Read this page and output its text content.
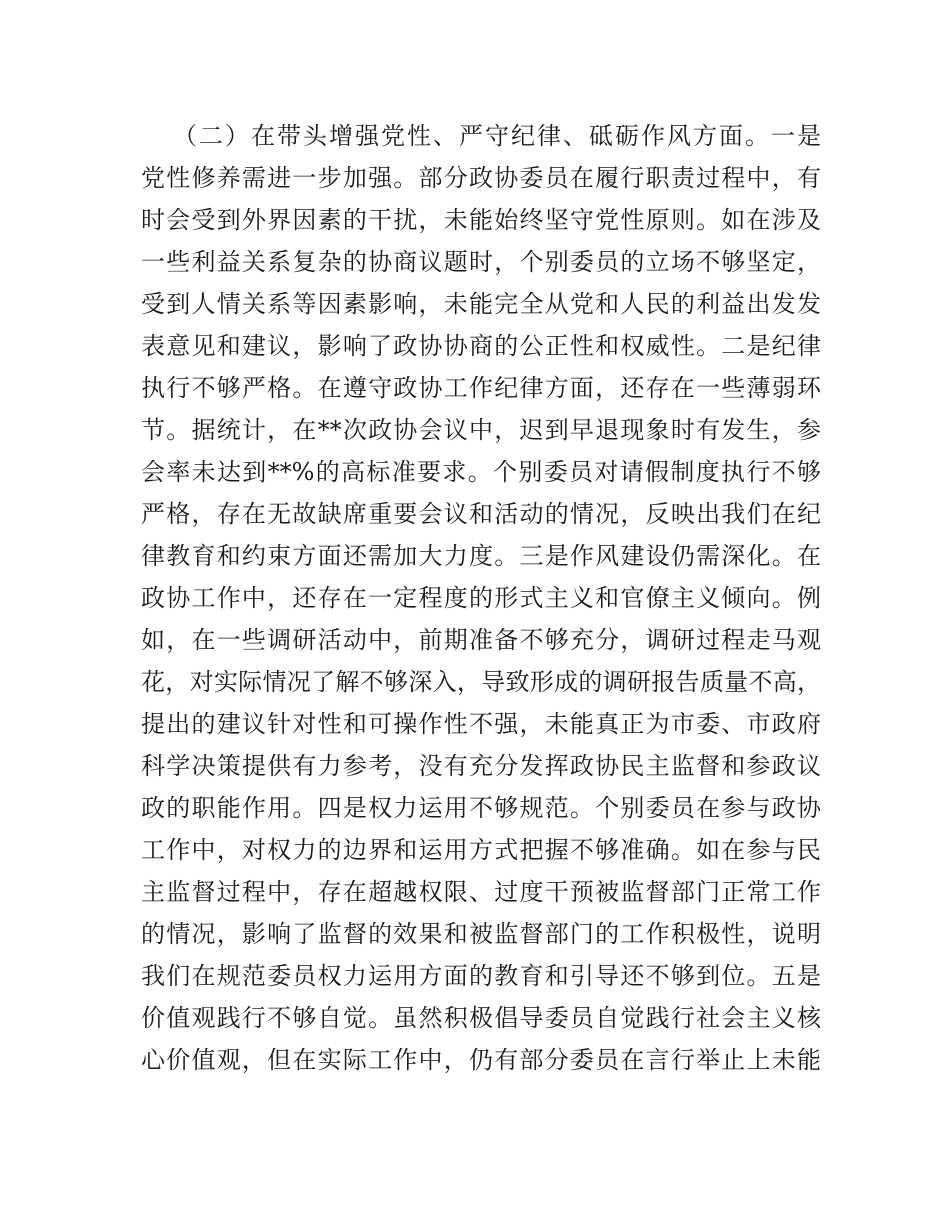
（二）在带头增强党性、严守纪律、砥砺作风方面。一是
党性修养需进一步加强。部分政协委员在履行职责过程中，有
时会受到外界因素的干扰，未能始终坚守党性原则。如在涉及
一些利益关系复杂的协商议题时，个别委员的立场不够坚定，
受到人情关系等因素影响，未能完全从党和人民的利益出发发
表意见和建议，影响了政协协商的公正性和权威性。二是纪律
执行不够严格。在遵守政协工作纪律方面，还存在一些薄弱环
节。据统计，在**次政协会议中，迟到早退现象时有发生，参
会率未达到**%的高标准要求。个别委员对请假制度执行不够
严格，存在无故缺席重要会议和活动的情况，反映出我们在纪
律教育和约束方面还需加大力度。三是作风建设仍需深化。在
政协工作中，还存在一定程度的形式主义和官僚主义倾向。例
如，在一些调研活动中，前期准备不够充分，调研过程走马观
花，对实际情况了解不够深入，导致形成的调研报告质量不高，
提出的建议针对性和可操作性不强，未能真正为市委、市政府
科学决策提供有力参考，没有充分发挥政协民主监督和参政议
政的职能作用。四是权力运用不够规范。个别委员在参与政协
工作中，对权力的边界和运用方式把握不够准确。如在参与民
主监督过程中，存在超越权限、过度干预被监督部门正常工作
的情况，影响了监督的效果和被监督部门的工作积极性，说明
我们在规范委员权力运用方面的教育和引导还不够到位。五是
价值观践行不够自觉。虽然积极倡导委员自觉践行社会主义核
心价值观，但在实际工作中，仍有部分委员在言行举止上未能
